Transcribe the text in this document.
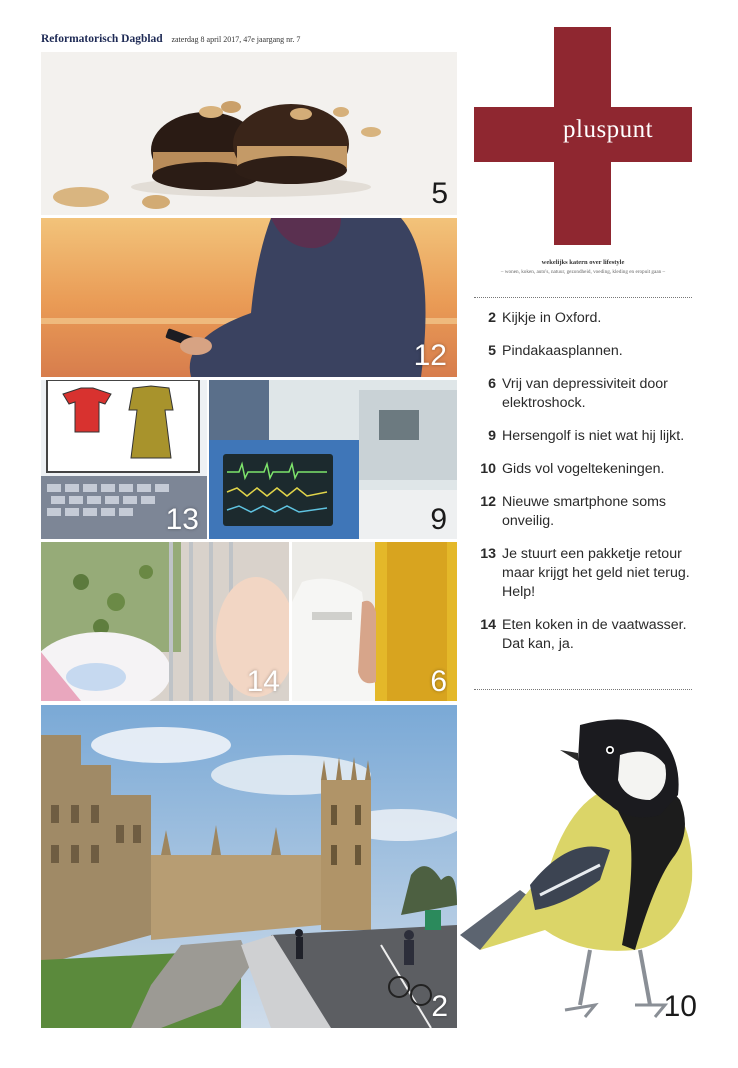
Reformatorisch Dagblad zaterdag 8 april 2017, 47e jaargang nr. 7
5
12
13	9
14	6
2
pluspunt
wekelijks katern over lifestyle
– wonen, koken, auto's, natuur, gezondheid, voeding, kleding en eropuit gaan –
2 Kijkje in Oxford.
5 Pindakaasplannen.
6 Vrij van depressiviteit door elektroshock.
9 Hersengolf is niet wat hij lijkt.
10 Gids vol vogeltekeningen.
12 Nieuwe smartphone soms onveilig.
13 Je stuurt een pakketje retour maar krijgt het geld niet terug. Help!
14 Eten koken in de vaatwasser. Dat kan, ja.
10
